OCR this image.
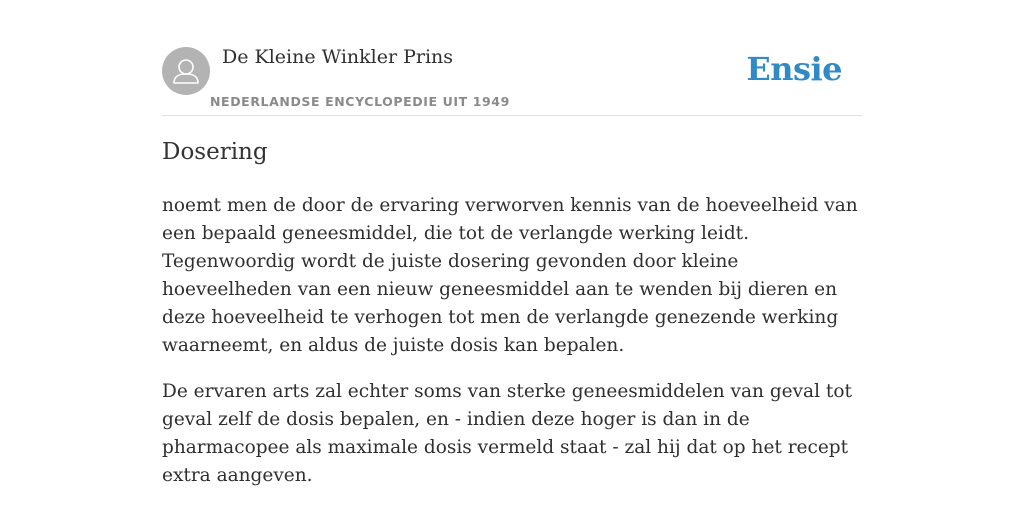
De Kleine Winkler Prins
NEDERLANDSE ENCYCLOPEDIE UIT 1949
Ensie
Dosering

noemt men de door de ervaring verworven kennis van de hoeveelheid van een bepaald geneesmiddel, die tot de verlangde werking leidt. Tegenwoordig wordt de juiste dosering gevonden door kleine hoeveelheden van een nieuw geneesmiddel aan te wenden bij dieren en deze hoeveelheid te verhogen tot men de verlangde genezende werking waarneemt, en aldus de juiste dosis kan bepalen.

De ervaren arts zal echter soms van sterke geneesmiddelen van geval tot geval zelf de dosis bepalen, en - indien deze hoger is dan in de pharmacopee als maximale dosis vermeld staat - zal hij dat op het recept extra aangeven.
